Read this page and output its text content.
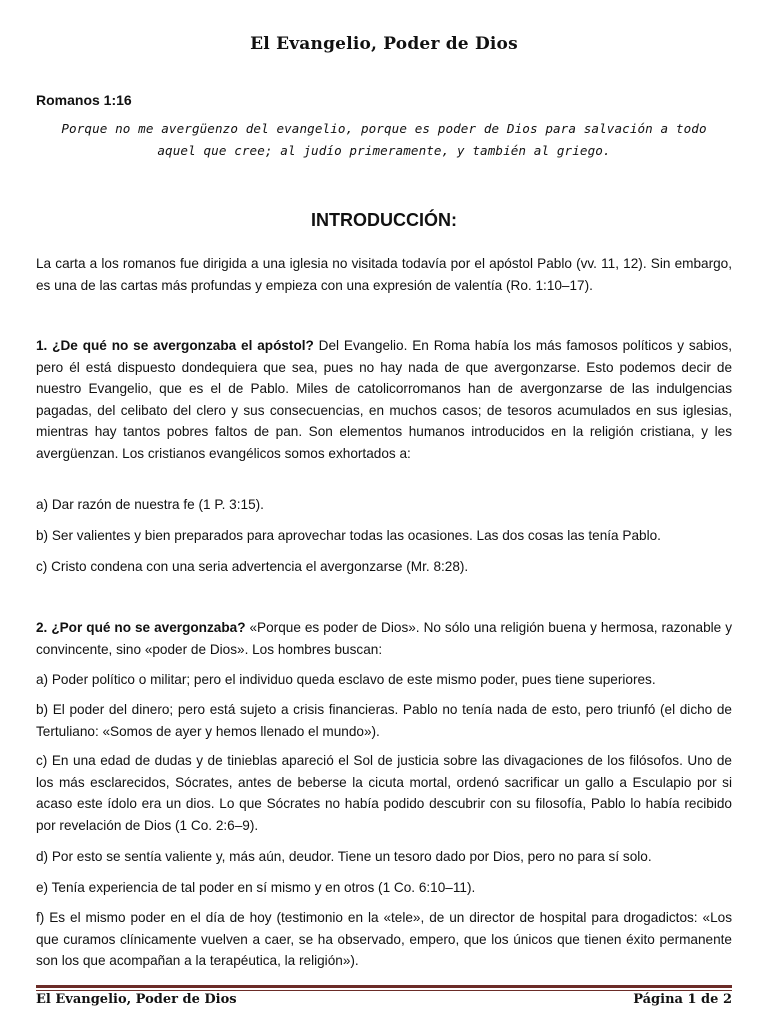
El Evangelio, Poder de Dios
Romanos 1:16
Porque no me avergüenzo del evangelio, porque es poder de Dios para salvación a todo
aquel que cree; al judío primeramente, y también al griego.
INTRODUCCIÓN:

La carta a los romanos fue dirigida a una iglesia no visitada todavía por el apóstol Pablo (vv. 11, 12). Sin embargo, es una de las cartas más profundas y empieza con una expresión de valentía (Ro. 1:10–17).

1. ¿De qué no se avergonzaba el apóstol? Del Evangelio. En Roma había los más famosos políticos y sabios, pero él está dispuesto dondequiera que sea, pues no hay nada de que avergonzarse. Esto podemos decir de nuestro Evangelio, que es el de Pablo. Miles de catolicorromanos han de avergonzarse de las indulgencias pagadas, del celibato del clero y sus consecuencias, en muchos casos; de tesoros acumulados en sus iglesias, mientras hay tantos pobres faltos de pan. Son elementos humanos introducidos en la religión cristiana, y les avergüenzan. Los cristianos evangélicos somos exhortados a:

a) Dar razón de nuestra fe (1 P. 3:15).

b) Ser valientes y bien preparados para aprovechar todas las ocasiones. Las dos cosas las tenía Pablo.

c) Cristo condena con una seria advertencia el avergonzarse (Mr. 8:28).

2. ¿Por qué no se avergonzaba? «Porque es poder de Dios». No sólo una religión buena y hermosa, razonable y convincente, sino «poder de Dios». Los hombres buscan:

a) Poder político o militar; pero el individuo queda esclavo de este mismo poder, pues tiene superiores.

b) El poder del dinero; pero está sujeto a crisis financieras. Pablo no tenía nada de esto, pero triunfó (el dicho de Tertuliano: «Somos de ayer y hemos llenado el mundo»).

c) En una edad de dudas y de tinieblas apareció el Sol de justicia sobre las divagaciones de los filósofos. Uno de los más esclarecidos, Sócrates, antes de beberse la cicuta mortal, ordenó sacrificar un gallo a Esculapio por si acaso este ídolo era un dios. Lo que Sócrates no había podido descubrir con su filosofía, Pablo lo había recibido por revelación de Dios (1 Co. 2:6–9).

d) Por esto se sentía valiente y, más aún, deudor. Tiene un tesoro dado por Dios, pero no para sí solo.

e) Tenía experiencia de tal poder en sí mismo y en otros (1 Co. 6:10–11).

f) Es el mismo poder en el día de hoy (testimonio en la «tele», de un director de hospital para drogadictos: «Los que curamos clínicamente vuelven a caer, se ha observado, empero, que los únicos que tienen éxito permanente son los que acompañan a la terapéutica, la religión»).

El Evangelio, Poder de Dios	Página 1 de 2
